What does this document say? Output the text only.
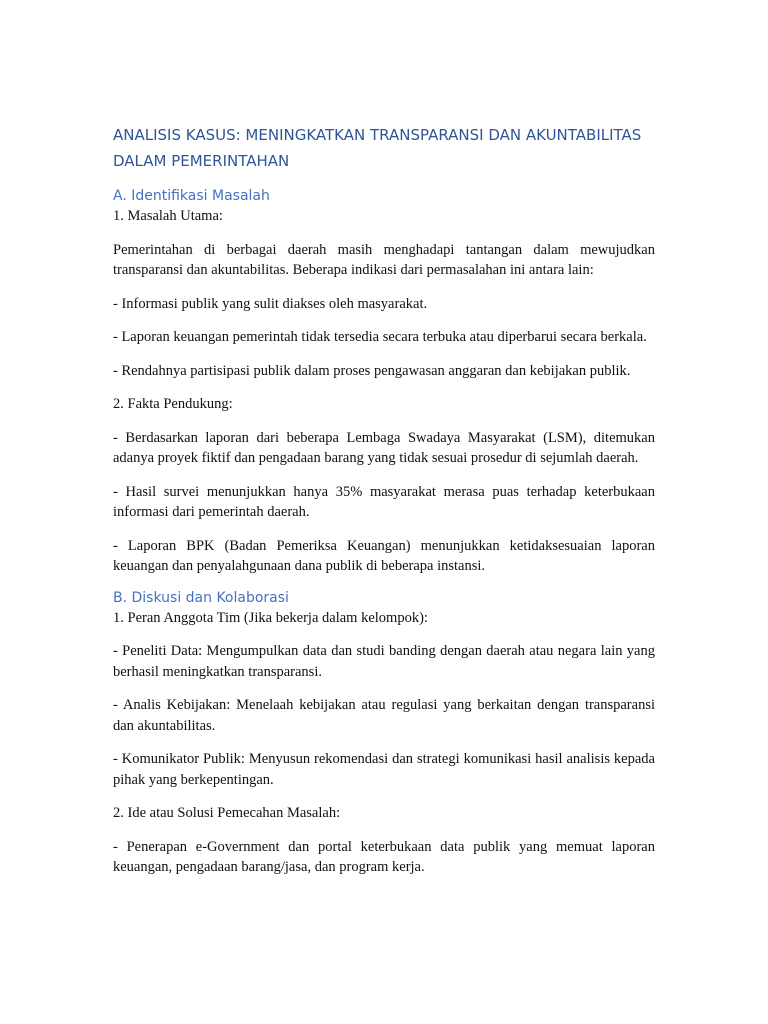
ANALISIS KASUS: MENINGKATKAN TRANSPARANSI DAN AKUNTABILITAS DALAM PEMERINTAHAN
A. Identifikasi Masalah

1. Masalah Utama:

Pemerintahan di berbagai daerah masih menghadapi tantangan dalam mewujudkan transparansi dan akuntabilitas. Beberapa indikasi dari permasalahan ini antara lain:

- Informasi publik yang sulit diakses oleh masyarakat.

- Laporan keuangan pemerintah tidak tersedia secara terbuka atau diperbarui secara berkala.

- Rendahnya partisipasi publik dalam proses pengawasan anggaran dan kebijakan publik.

2. Fakta Pendukung:

- Berdasarkan laporan dari beberapa Lembaga Swadaya Masyarakat (LSM), ditemukan adanya proyek fiktif dan pengadaan barang yang tidak sesuai prosedur di sejumlah daerah.

- Hasil survei menunjukkan hanya 35% masyarakat merasa puas terhadap keterbukaan informasi dari pemerintah daerah.

- Laporan BPK (Badan Pemeriksa Keuangan) menunjukkan ketidaksesuaian laporan keuangan dan penyalahgunaan dana publik di beberapa instansi.

B. Diskusi dan Kolaborasi

1. Peran Anggota Tim (Jika bekerja dalam kelompok):

- Peneliti Data: Mengumpulkan data dan studi banding dengan daerah atau negara lain yang berhasil meningkatkan transparansi.

- Analis Kebijakan: Menelaah kebijakan atau regulasi yang berkaitan dengan transparansi dan akuntabilitas.

- Komunikator Publik: Menyusun rekomendasi dan strategi komunikasi hasil analisis kepada pihak yang berkepentingan.

2. Ide atau Solusi Pemecahan Masalah:

- Penerapan e-Government dan portal keterbukaan data publik yang memuat laporan keuangan, pengadaan barang/jasa, dan program kerja.
